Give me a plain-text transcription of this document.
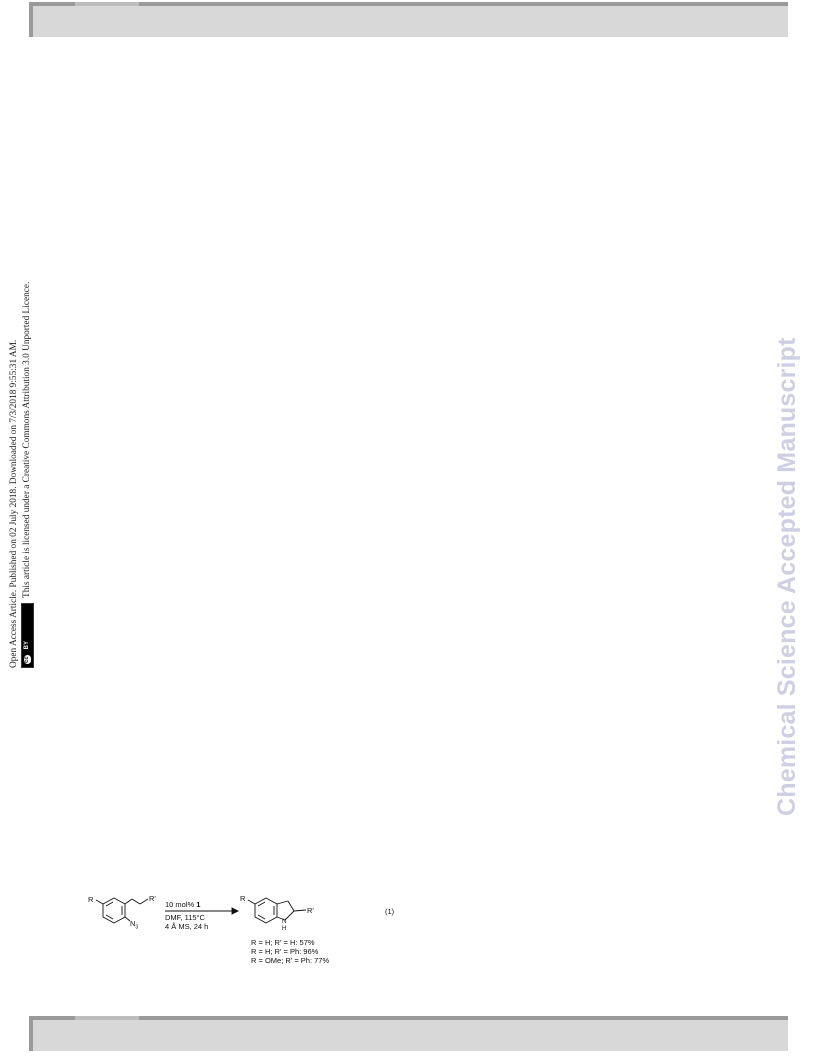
Open Access Article. Published on 02 July 2018. Downloaded on 7/3/2018 9:55:31 AM. cc
BY
This article is licensed under a Creative Commons Attribution 3.0 Unported Licence.	Chemical Science Accepted Manuscript
R	R'
$N_3$
10 mol% 1
DMF, 115°C
4 Å MS, 24 h
R
R'
N
H
R = H; R' = H: 57%
R = H; R' = Ph: 96%
R = OMe; R' = Ph: 77%
(1)
